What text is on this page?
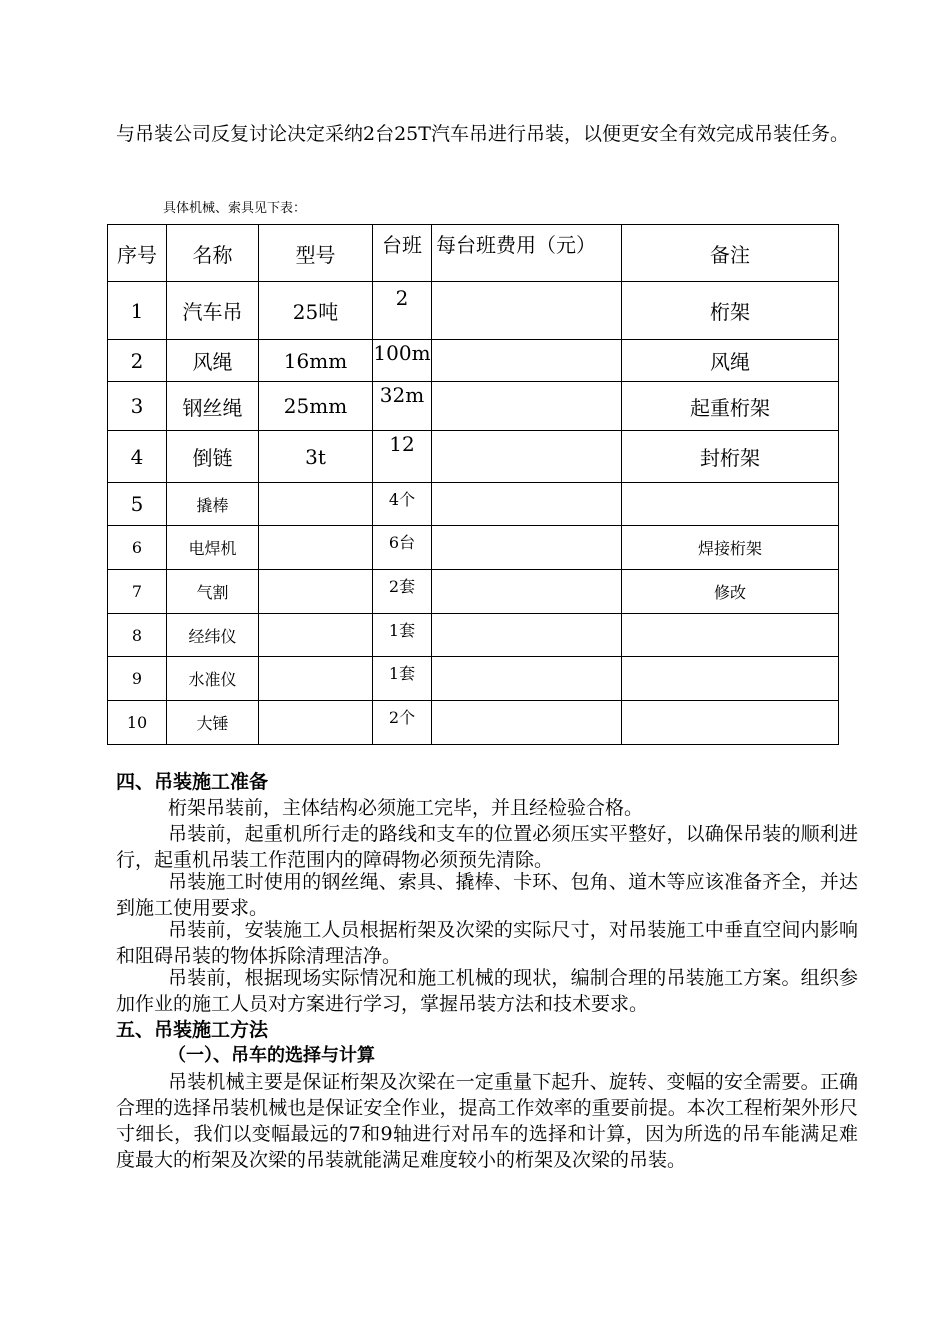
与吊装公司反复讨论决定采纳2台25T汽车吊进行吊装，以便更安全有效完成吊装任务。

具体机械、索具见下表：
序号	名称	型号	台班	每台班费用（元）	备注
1	汽车吊	25吨	2		桁架
2	风绳	16mm	100m		风绳
3	钢丝绳	25mm	32m		起重桁架
4	倒链	3t	12		封桁架
5	撬棒		4个		
6	电焊机		6台		焊接桁架
7	气割		2套		修改
8	经纬仪		1套		
9	水准仪		1套		
10	大锤		2个		
四、吊装施工准备

桁架吊装前，主体结构必须施工完毕，并且经检验合格。

吊装前，起重机所行走的路线和支车的位置必须压实平整好，以确保吊装的顺利进行，起重机吊装工作范围内的障碍物必须预先清除。

吊装施工时使用的钢丝绳、索具、撬棒、卡环、包角、道木等应该准备齐全，并达到施工使用要求。

吊装前，安装施工人员根据桁架及次梁的实际尺寸，对吊装施工中垂直空间内影响和阻碍吊装的物体拆除清理洁净。

吊装前，根据现场实际情况和施工机械的现状，编制合理的吊装施工方案。组织参加作业的施工人员对方案进行学习，掌握吊装方法和技术要求。

五、吊装施工方法
（一）、吊车的选择与计算

吊装机械主要是保证桁架及次梁在一定重量下起升、旋转、变幅的安全需要。正确合理的选择吊装机械也是保证安全作业，提高工作效率的重要前提。本次工程桁架外形尺寸细长，我们以变幅最远的7和9轴进行对吊车的选择和计算，因为所选的吊车能满足难度最大的桁架及次梁的吊装就能满足难度较小的桁架及次梁的吊装。
